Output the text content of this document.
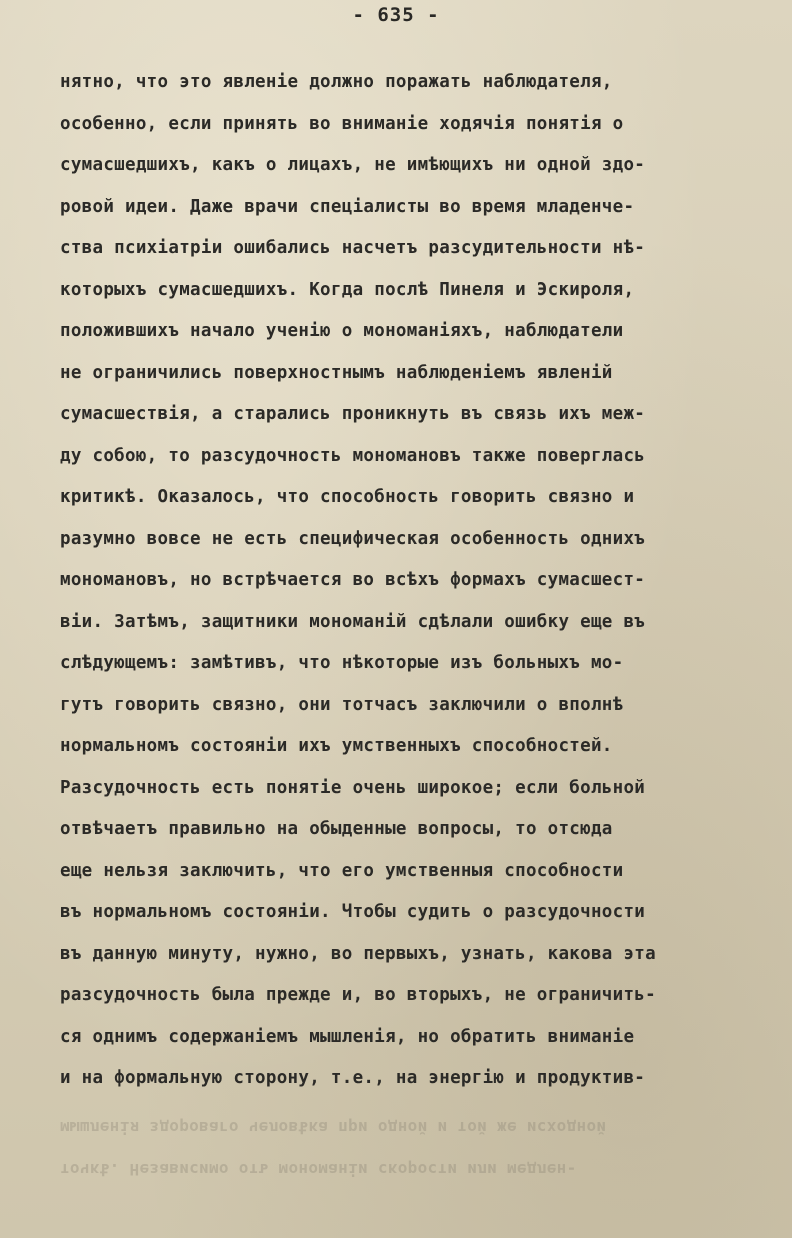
- 635 -
нятно, что это явленіе должно поражать наблюдателя,
особенно, если принять во вниманіе ходячія понятія о
сумасшедшихъ, какъ о лицахъ, не имѣющихъ ни одной здо-
ровой идеи. Даже врачи спеціалисты во время младенче-
ства психіатріи ошибались насчетъ разсудительности нѣ-
которыхъ сумасшедшихъ. Когда послѣ Пинеля и Эскироля,
положившихъ начало ученію о мономаніяхъ, наблюдатели
не ограничились поверхностнымъ наблюденіемъ явленій
сумасшествія, а старались проникнуть въ связь ихъ меж-
ду собою, то разсудочность мономановъ также поверглась
критикѣ. Оказалось, что способность говорить связно и
разумно вовсе не есть специфическая особенность однихъ
мономановъ, но встрѣчается во всѣхъ формахъ сумасшест-
віи. Затѣмъ, защитники мономаній сдѣлали ошибку еще въ
слѣдующемъ: замѣтивъ, что нѣкоторые изъ больныхъ мо-
гутъ говорить связно, они тотчасъ заключили о вполнѣ
нормальномъ состояніи ихъ умственныхъ способностей.
Разсудочность есть понятіе очень широкое; если больной
отвѣчаетъ правильно на обыденные вопросы, то отсюда
еще нельзя заключить, что его умственныя способности
въ нормальномъ состояніи. Чтобы судить о разсудочности
въ данную минуту, нужно, во первыхъ, узнать, какова эта
разсудочность была прежде и, во вторыхъ, не ограничить-
ся однимъ содержаніемъ мышленія, но обратить вниманіе
и на формальную сторону, т.е., на энергію и продуктив-
мышленія здороваго человѣка при одной и той же исходной
точкѣ. Независимо отъ мономаніи скорости или медлен-
